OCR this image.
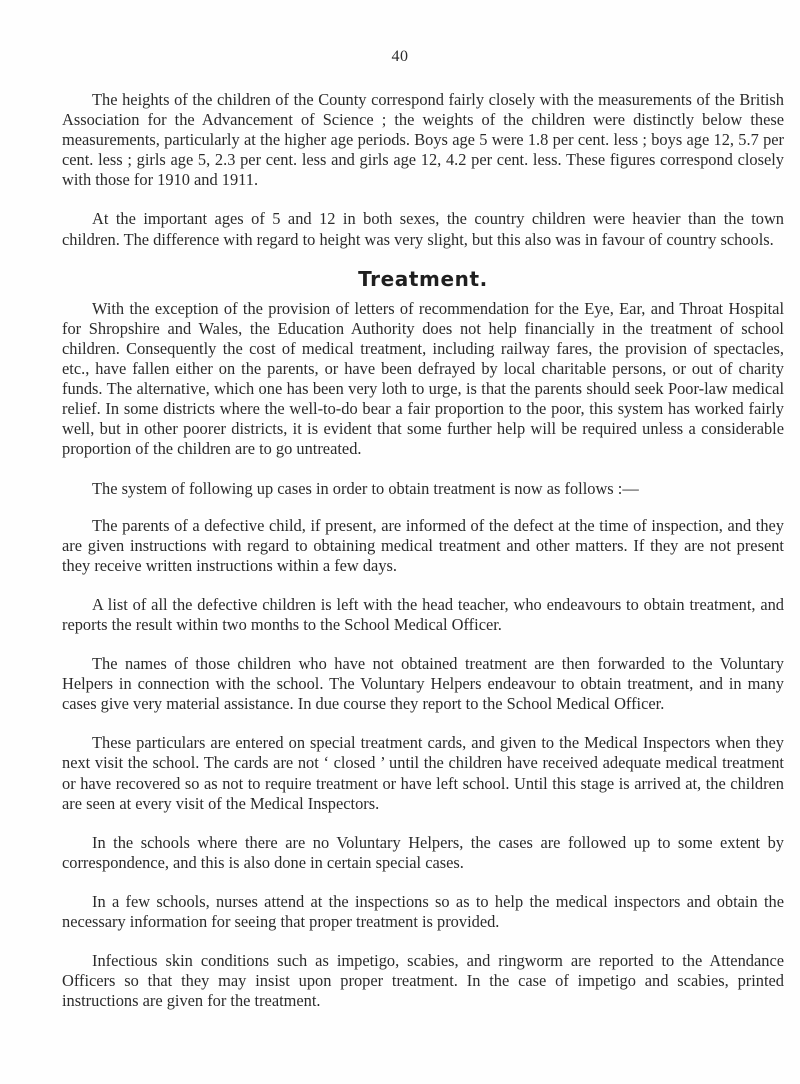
40

The heights of the children of the County correspond fairly closely with the measurements of the British Association for the Advancement of Science ; the weights of the children were distinctly below these measurements, particularly at the higher age periods. Boys age 5 were 1.8 per cent. less ; boys age 12, 5.7 per cent. less ; girls age 5, 2.3 per cent. less and girls age 12, 4.2 per cent. less. These figures correspond closely with those for 1910 and 1911.

At the important ages of 5 and 12 in both sexes, the country children were heavier than the town children. The difference with regard to height was very slight, but this also was in favour of country schools.

Treatment.

With the exception of the provision of letters of recommendation for the Eye, Ear, and Throat Hospital for Shropshire and Wales, the Education Authority does not help financially in the treatment of school children. Consequently the cost of medical treatment, including railway fares, the provision of spectacles, etc., have fallen either on the parents, or have been defrayed by local charitable persons, or out of charity funds. The alternative, which one has been very loth to urge, is that the parents should seek Poor-law medical relief. In some districts where the well-to-do bear a fair proportion to the poor, this system has worked fairly well, but in other poorer districts, it is evident that some further help will be required unless a considerable proportion of the children are to go untreated.

The system of following up cases in order to obtain treatment is now as follows :—

The parents of a defective child, if present, are informed of the defect at the time of inspection, and they are given instructions with regard to obtaining medical treatment and other matters. If they are not present they receive written instructions within a few days.

A list of all the defective children is left with the head teacher, who endeavours to obtain treatment, and reports the result within two months to the School Medical Officer.

The names of those children who have not obtained treatment are then forwarded to the Voluntary Helpers in connection with the school. The Voluntary Helpers endeavour to obtain treatment, and in many cases give very material assistance. In due course they report to the School Medical Officer.

These particulars are entered on special treatment cards, and given to the Medical Inspectors when they next visit the school. The cards are not ‘ closed ’ until the children have received adequate medical treatment or have recovered so as not to require treatment or have left school. Until this stage is arrived at, the children are seen at every visit of the Medical Inspectors.

In the schools where there are no Voluntary Helpers, the cases are followed up to some extent by correspondence, and this is also done in certain special cases.

In a few schools, nurses attend at the inspections so as to help the medical inspectors and obtain the necessary information for seeing that proper treatment is provided.

Infectious skin conditions such as impetigo, scabies, and ringworm are reported to the Attendance Officers so that they may insist upon proper treatment. In the case of impetigo and scabies, printed instructions are given for the treatment.
